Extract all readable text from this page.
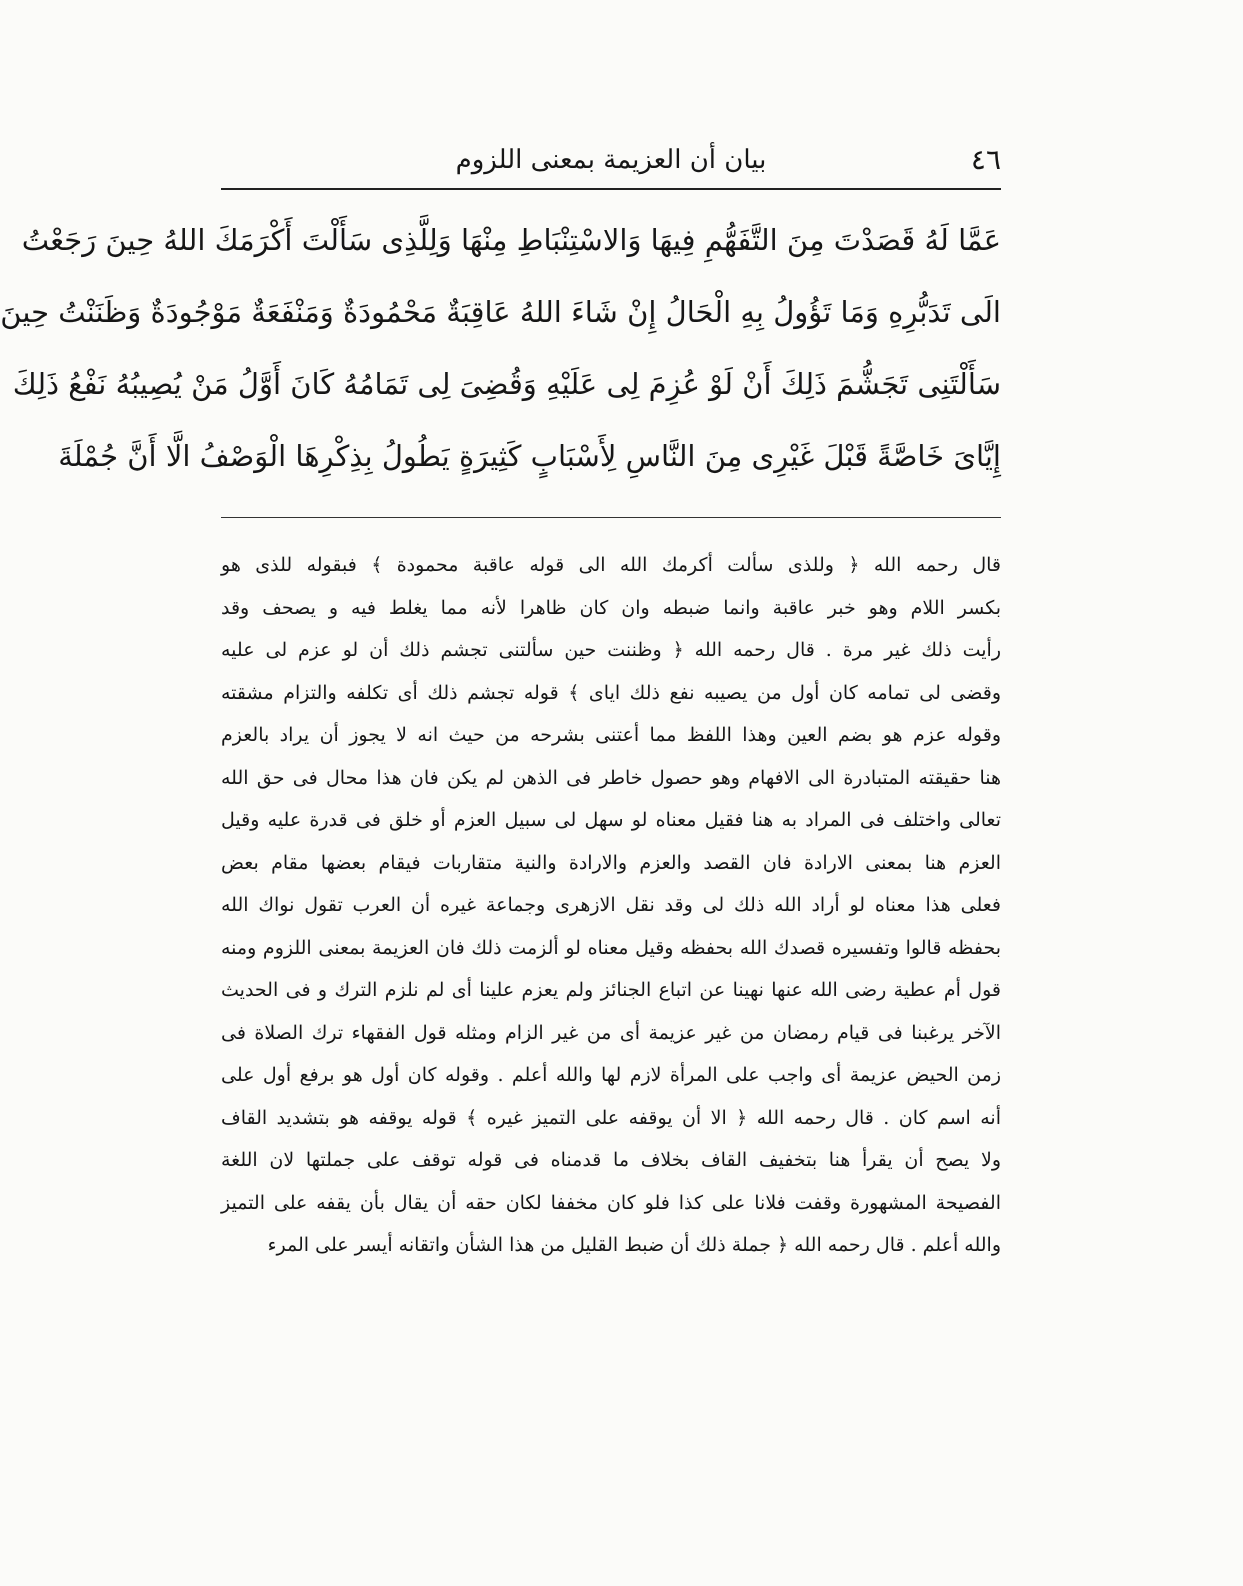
٤٦
بيان أن العزيمة بمعنى اللزوم
عَمَّا لَهُ قَصَدْتَ مِنَ التَّفَهُّمِ فِيهَا وَالاسْتِنْبَاطِ مِنْهَا وَلِلَّذِى سَأَلْتَ أَكْرَمَكَ اللهُ حِينَ رَجَعْتُ
الَى تَدَبُّرِهِ وَمَا تَؤُولُ بِهِ الْحَالُ إِنْ شَاءَ اللهُ عَاقِبَةٌ مَحْمُودَةٌ وَمَنْفَعَةٌ مَوْجُودَةٌ وَظَنَنْتُ حِينَ
سَأَلْتَنِى تَجَشُّمَ ذَلِكَ أَنْ لَوْ عُزِمَ لِى عَلَيْهِ وَقُضِىَ لِى تَمَامُهُ كَانَ أَوَّلُ مَنْ يُصِيبُهُ نَفْعُ ذَلِكَ
إِيَّاىَ خَاصَّةً قَبْلَ غَيْرِى مِنَ النَّاسِ لِأَسْبَابٍ كَثِيرَةٍ يَطُولُ بِذِكْرِهَا الْوَصْفُ الَّا أَنَّ جُمْلَةَ
قال رحمه الله ﴿ وللذى سألت أكرمك الله الى قوله عاقبة محمودة ﴾ فبقوله للذى هو
بكسر اللام وهو خبر عاقبة وانما ضبطه وان كان ظاهرا لأنه مما يغلط فيه و يصحف وقد
رأيت ذلك غير مرة . قال رحمه الله ﴿ وظننت حين سألتنى تجشم ذلك أن لو عزم لى عليه
وقضى لى تمامه كان أول من يصيبه نفع ذلك اياى ﴾ قوله تجشم ذلك أى تكلفه والتزام مشقته
وقوله عزم هو بضم العين وهذا اللفظ مما أعتنى بشرحه من حيث انه لا يجوز أن يراد بالعزم
هنا حقيقته المتبادرة الى الافهام وهو حصول خاطر فى الذهن لم يكن فان هذا محال فى حق الله
تعالى واختلف فى المراد به هنا فقيل معناه لو سهل لى سبيل العزم أو خلق فى قدرة عليه وقيل
العزم هنا بمعنى الارادة فان القصد والعزم والارادة والنية متقاربات فيقام بعضها مقام بعض
فعلى هذا معناه لو أراد الله ذلك لى وقد نقل الازهرى وجماعة غيره أن العرب تقول نواك الله
بحفظه قالوا وتفسيره قصدك الله بحفظه وقيل معناه لو ألزمت ذلك فان العزيمة بمعنى اللزوم ومنه
قول أم عطية رضى الله عنها نهينا عن اتباع الجنائز ولم يعزم علينا أى لم نلزم الترك و فى الحديث
الآخر يرغبنا فى قيام رمضان من غير عزيمة أى من غير الزام ومثله قول الفقهاء ترك الصلاة فى
زمن الحيض عزيمة أى واجب على المرأة لازم لها والله أعلم . وقوله كان أول هو برفع أول على
أنه اسم كان . قال رحمه الله ﴿ الا أن يوقفه على التميز غيره ﴾ قوله يوقفه هو بتشديد القاف
ولا يصح أن يقرأ هنا بتخفيف القاف بخلاف ما قدمناه فى قوله توقف على جملتها لان اللغة
الفصيحة المشهورة وقفت فلانا على كذا فلو كان مخففا لكان حقه أن يقال بأن يقفه على التميز
والله أعلم . قال رحمه الله ﴿ جملة ذلك أن ضبط القليل من هذا الشأن واتقانه أيسر على المرء
